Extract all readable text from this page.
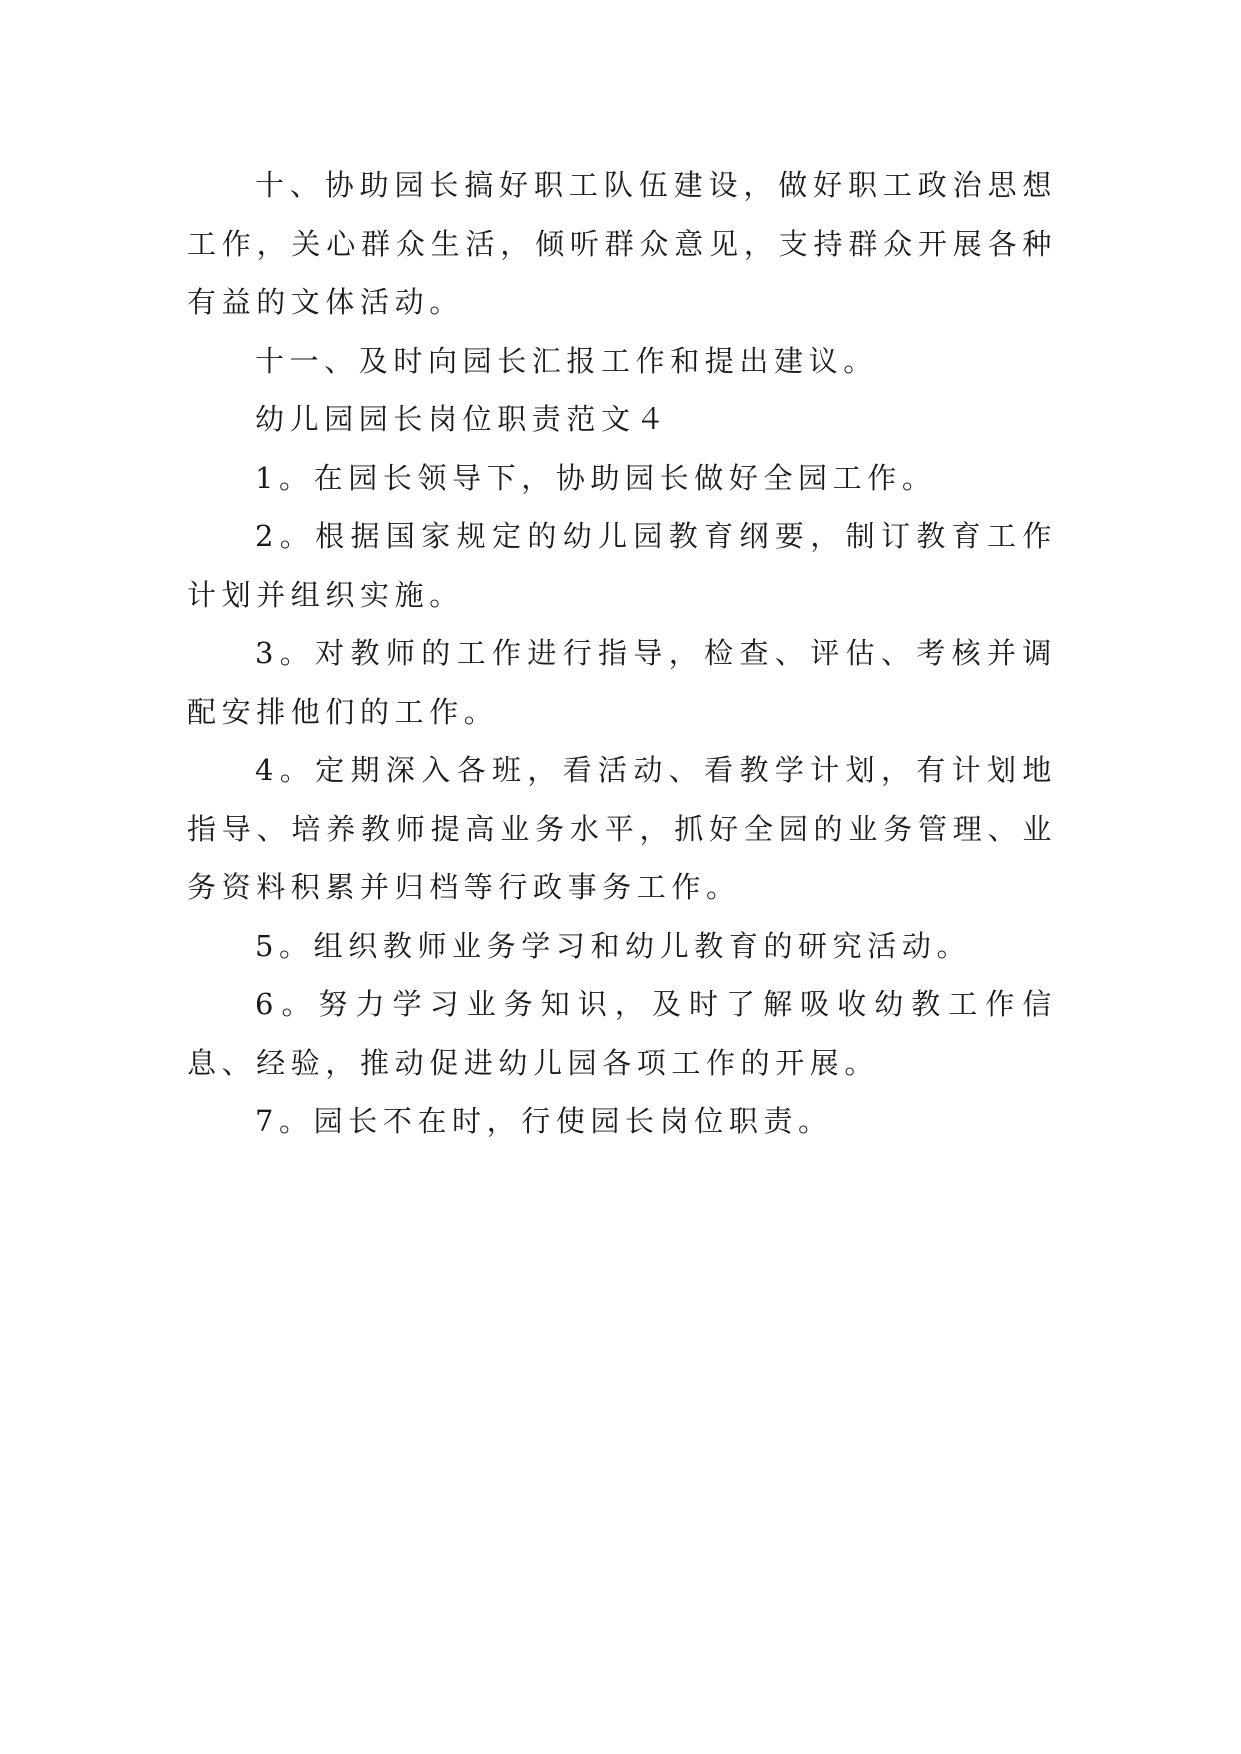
十、协助园长搞好职工队伍建设，做好职工政治思想工作，关心群众生活，倾听群众意见，支持群众开展各种有益的文体活动。

十一、及时向园长汇报工作和提出建议。

幼儿园园长岗位职责范文４

1。在园长领导下，协助园长做好全园工作。

2。根据国家规定的幼儿园教育纲要，制订教育工作计划并组织实施。

3。对教师的工作进行指导，检查、评估、考核并调配安排他们的工作。

4。定期深入各班，看活动、看教学计划，有计划地指导、培养教师提高业务水平，抓好全园的业务管理、业务资料积累并归档等行政事务工作。

5。组织教师业务学习和幼儿教育的研究活动。

6。努力学习业务知识，及时了解吸收幼教工作信息、经验，推动促进幼儿园各项工作的开展。

7。园长不在时，行使园长岗位职责。
